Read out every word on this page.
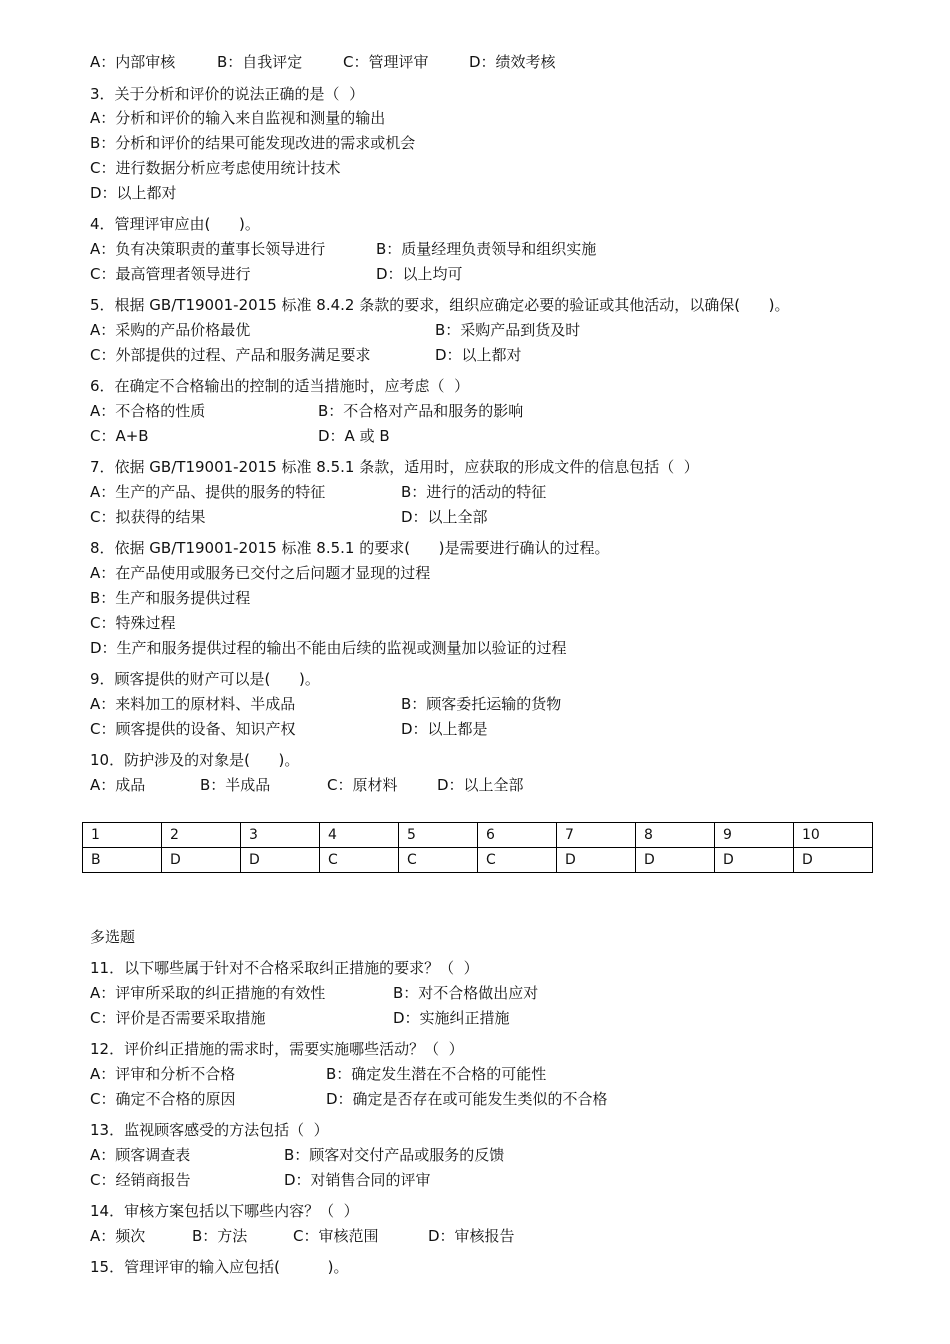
A：内部审核	B：自我评定	C：管理评审	D：绩效考核
3．关于分析和评价的说法正确的是（  ）
A：分析和评价的输入来自监视和测量的输出
B：分析和评价的结果可能发现改进的需求或机会
C：进行数据分析应考虑使用统计技术
D：以上都对
4．管理评审应由(      )。
A：负有决策职责的董事长领导进行	B：质量经理负责领导和组织实施
C：最高管理者领导进行	D：以上均可
5．根据 GB/T19001-2015 标准 8.4.2 条款的要求，组织应确定必要的验证或其他活动，以确保(      )。
A：采购的产品价格最优	B：采购产品到货及时
C：外部提供的过程、产品和服务满足要求	D：以上都对
6．在确定不合格输出的控制的适当措施时，应考虑（  ）
A：不合格的性质	B：不合格对产品和服务的影响
C：A+B	D：A 或 B
7．依据 GB/T19001-2015 标准 8.5.1 条款，适用时，应获取的形成文件的信息包括（  ）
A：生产的产品、提供的服务的特征	B：进行的活动的特征
C：拟获得的结果	D：以上全部
8．依据 GB/T19001-2015 标准 8.5.1 的要求(      )是需要进行确认的过程。
A：在产品使用或服务已交付之后问题才显现的过程
B：生产和服务提供过程
C：特殊过程
D：生产和服务提供过程的输出不能由后续的监视或测量加以验证的过程
9．顾客提供的财产可以是(      )。
A：来料加工的原材料、半成品	B：顾客委托运输的货物
C：顾客提供的设备、知识产权	D：以上都是
10．防护涉及的对象是(      )。
A：成品	B：半成品	C：原材料	D：以上全部
1	2	3	4	5	6	7	8	9	10
B	D	D	C	C	C	D	D	D	D
多选题
11．以下哪些属于针对不合格采取纠正措施的要求？（  ）
A：评审所采取的纠正措施的有效性	B：对不合格做出应对
C：评价是否需要采取措施	D：实施纠正措施
12．评价纠正措施的需求时，需要实施哪些活动？（  ）
A：评审和分析不合格	B：确定发生潜在不合格的可能性
C：确定不合格的原因	D：确定是否存在或可能发生类似的不合格
13．监视顾客感受的方法包括（  ）
A：顾客调查表	B：顾客对交付产品或服务的反馈
C：经销商报告	D：对销售合同的评审
14．审核方案包括以下哪些内容？（  ）
A：频次	B：方法	C：审核范围	D：审核报告
15．管理评审的输入应包括(          )。
